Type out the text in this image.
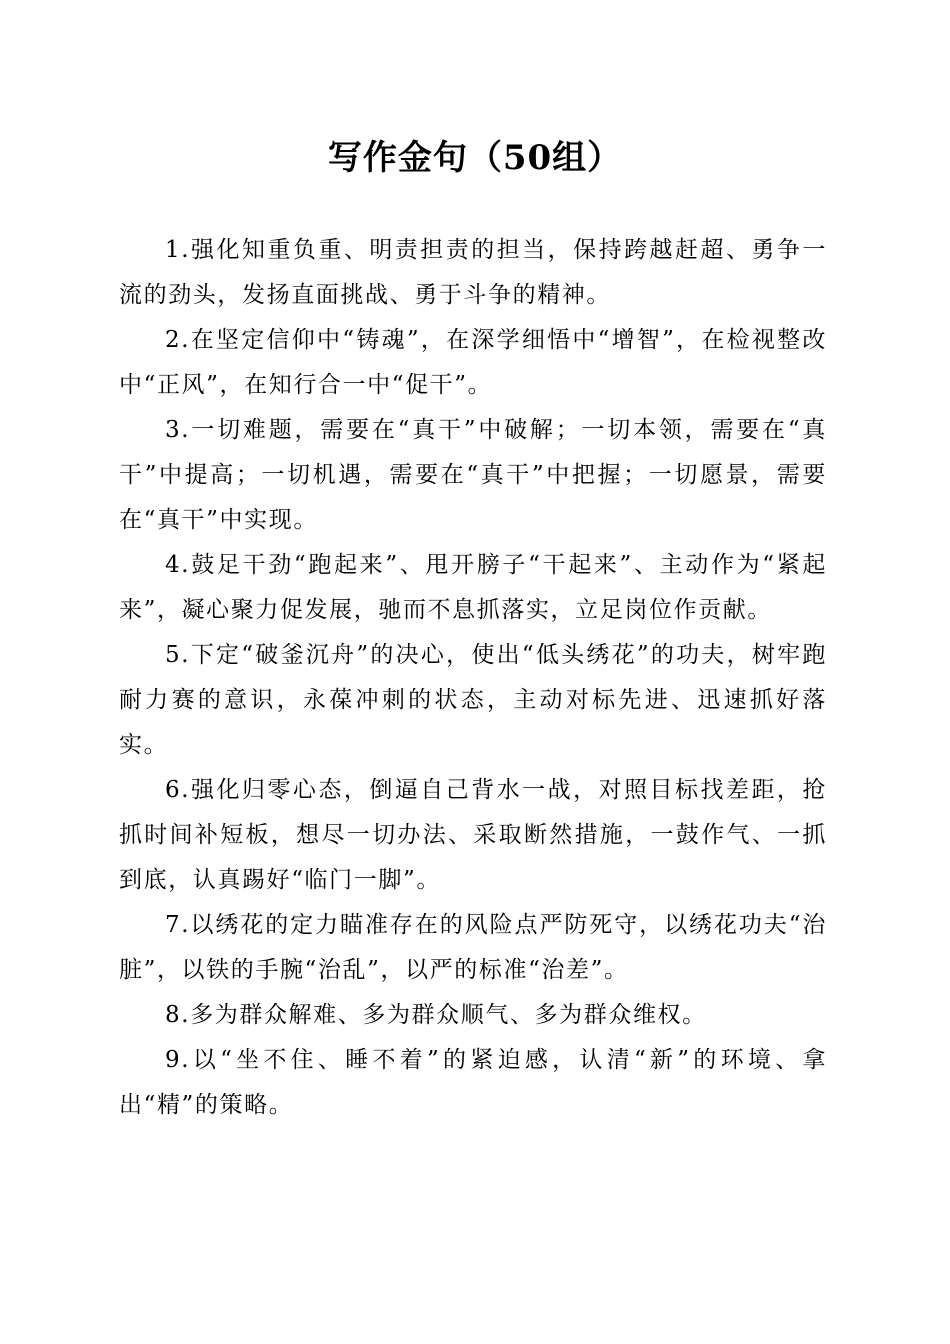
写作金句（50组）

1.强化知重负重、明责担责的担当，保持跨越赶超、勇争一流的劲头，发扬直面挑战、勇于斗争的精神。

2.在坚定信仰中“铸魂”，在深学细悟中“增智”，在检视整改中“正风”，在知行合一中“促干”。

3.一切难题，需要在“真干”中破解；一切本领，需要在“真干”中提高；一切机遇，需要在“真干”中把握；一切愿景，需要在“真干”中实现。

4.鼓足干劲“跑起来”、甩开膀子“干起来”、主动作为“紧起来”，凝心聚力促发展，驰而不息抓落实，立足岗位作贡献。

5.下定“破釜沉舟”的决心，使出“低头绣花”的功夫，树牢跑耐力赛的意识，永葆冲刺的状态，主动对标先进、迅速抓好落实。

6.强化归零心态，倒逼自己背水一战，对照目标找差距，抢抓时间补短板，想尽一切办法、采取断然措施，一鼓作气、一抓到底，认真踢好“临门一脚”。

7.以绣花的定力瞄准存在的风险点严防死守，以绣花功夫“治脏”，以铁的手腕“治乱”，以严的标准“治差”。

8.多为群众解难、多为群众顺气、多为群众维权。

9.以“坐不住、睡不着”的紧迫感，认清“新”的环境、拿出“精”的策略。
